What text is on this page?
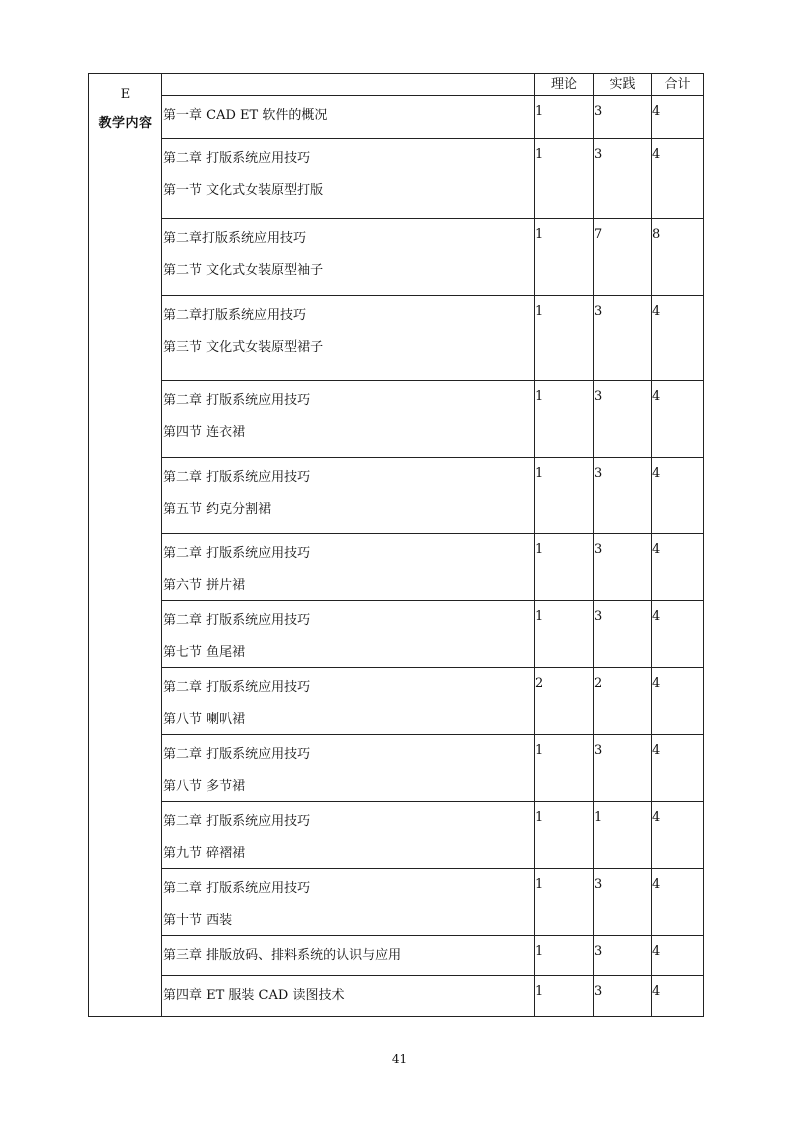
E
教学内容
理论	实践	合计
第一章 CAD ET 软件的概况	1	3	4
第二章 打版系统应用技巧
第一节 文化式女装原型打版
1	3	4
第二章打版系统应用技巧
第二节 文化式女装原型袖子
1	7	8
第二章打版系统应用技巧
第三节 文化式女装原型裙子
1	3	4
第二章 打版系统应用技巧
第四节 连衣裙
1	3	4
第二章 打版系统应用技巧
第五节 约克分割裙
1	3	4
第二章 打版系统应用技巧
第六节 拼片裙
1	3	4
第二章 打版系统应用技巧
第七节 鱼尾裙
1	3	4
第二章 打版系统应用技巧
第八节 喇叭裙
2	2	4
第二章 打版系统应用技巧
第八节 多节裙
1	3	4
第二章 打版系统应用技巧
第九节 碎褶裙
1	1	4
第二章 打版系统应用技巧
第十节 西装
1	3	4
第三章 排版放码、排料系统的认识与应用	1	3	4
第四章 ET 服装 CAD 读图技术	1	3	4
41
